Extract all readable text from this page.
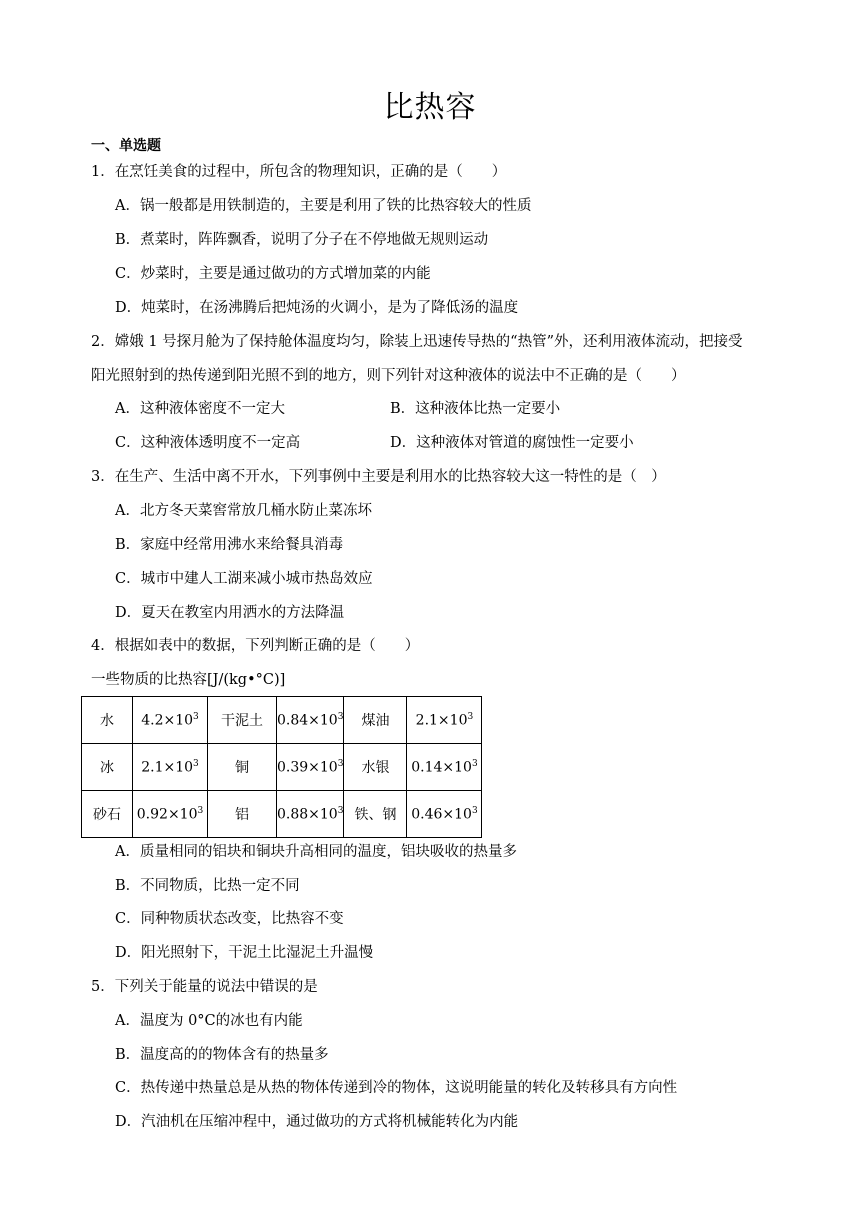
比热容
一、单选题
1．在烹饪美食的过程中，所包含的物理知识，正确的是（　　）
A．锅一般都是用铁制造的，主要是利用了铁的比热容较大的性质
B．煮菜时，阵阵飘香，说明了分子在不停地做无规则运动
C．炒菜时，主要是通过做功的方式增加菜的内能
D．炖菜时，在汤沸腾后把炖汤的火调小，是为了降低汤的温度
2．嫦娥 1 号探月舱为了保持舱体温度均匀，除装上迅速传导热的“热管”外，还利用液体流动，把接受
阳光照射到的热传递到阳光照不到的地方，则下列针对这种液体的说法中不正确的是（　　）
A．这种液体密度不一定大	B．这种液体比热一定要小
C．这种液体透明度不一定高	D．这种液体对管道的腐蚀性一定要小
3．在生产、生活中离不开水，下列事例中主要是利用水的比热容较大这一特性的是（　）
A．北方冬天菜窖常放几桶水防止菜冻坏
B．家庭中经常用沸水来给餐具消毒
C．城市中建人工湖来减小城市热岛效应
D．夏天在教室内用洒水的方法降温
4．根据如表中的数据，下列判断正确的是（　　）
一些物质的比热容[J/(kg•°C)]
水	$4.2\times 10^3$	干泥土	$0.84\times 10^3$	煤油	$2.1\times 10^3$
冰	$2.1\times 10^3$	铜	$0.39\times 10^3$	水银	$0.14\times 10^3$
砂石	$0.92\times 10^3$	铝	$0.88\times 10^3$	铁、钢	$0.46\times 10^3$
A．质量相同的铝块和铜块升高相同的温度，铝块吸收的热量多
B．不同物质，比热一定不同
C．同种物质状态改变，比热容不变
D．阳光照射下，干泥土比湿泥土升温慢
5．下列关于能量的说法中错误的是
A．温度为 0°C的冰也有内能
B．温度高的的物体含有的热量多
C．热传递中热量总是从热的物体传递到冷的物体，这说明能量的转化及转移具有方向性
D．汽油机在压缩冲程中，通过做功的方式将机械能转化为内能
